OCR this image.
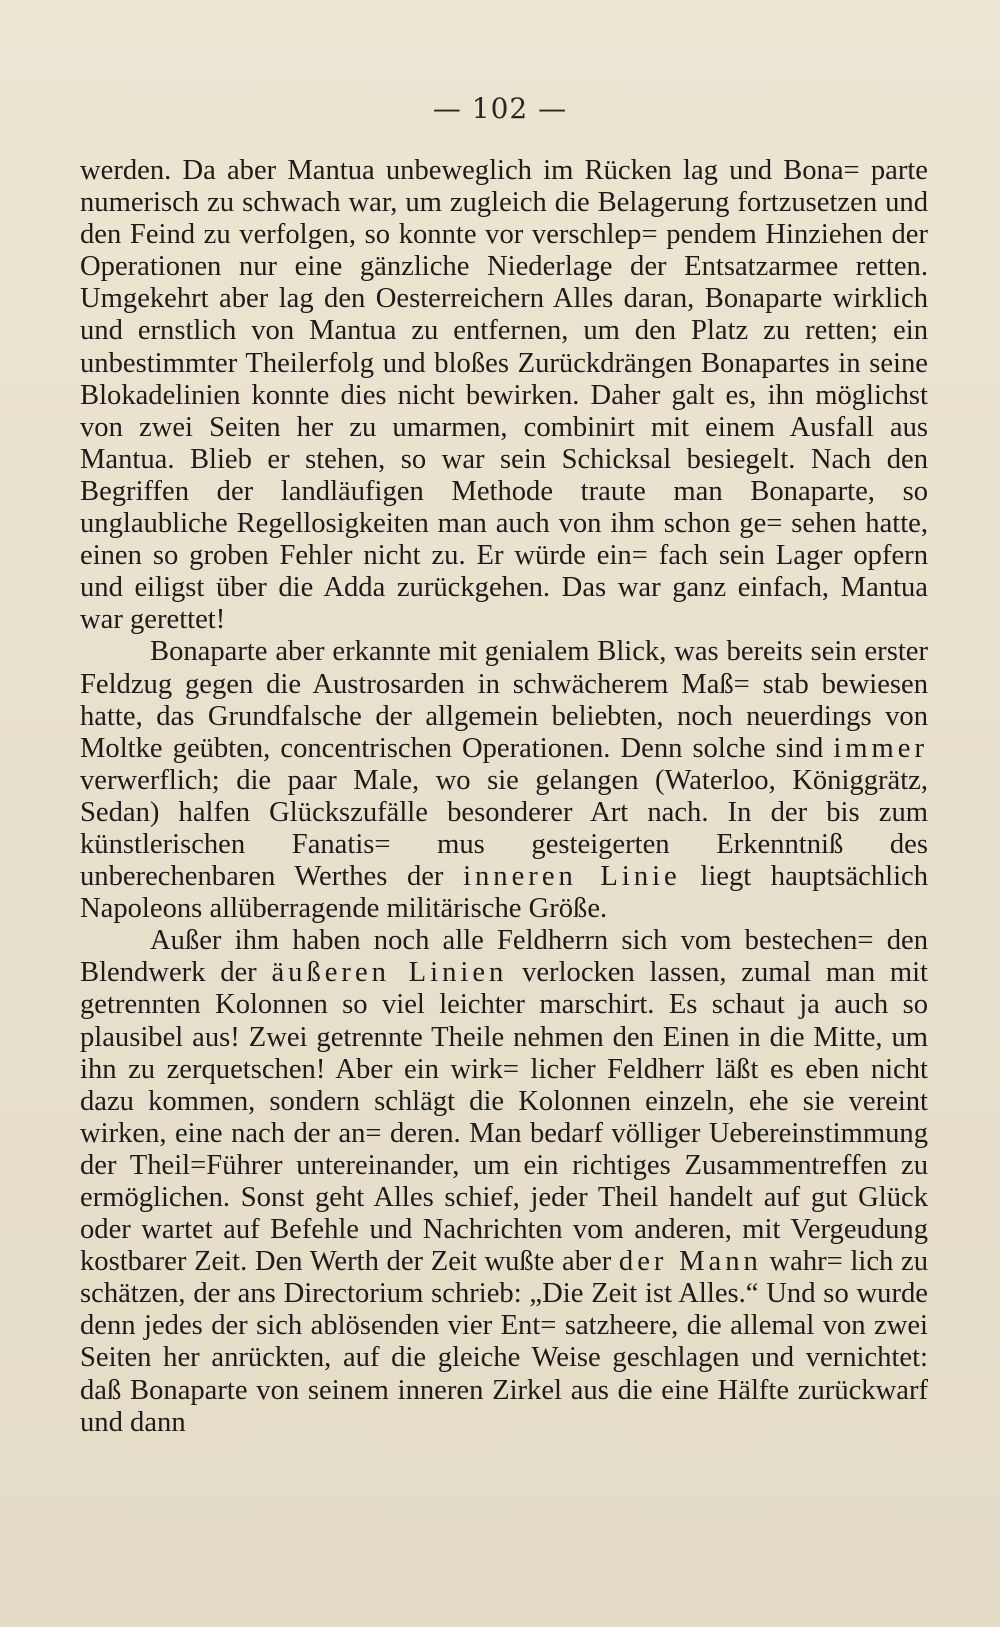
— 102 —

werden. Da aber Mantua unbeweglich im Rücken lag und Bona= parte numerisch zu schwach war, um zugleich die Belagerung fortzusetzen und den Feind zu verfolgen, so konnte vor verschlep= pendem Hinziehen der Operationen nur eine gänzliche Niederlage der Entsatzarmee retten. Umgekehrt aber lag den Oesterreichern Alles daran, Bonaparte wirklich und ernstlich von Mantua zu entfernen, um den Platz zu retten; ein unbestimmter Theilerfolg und bloßes Zurückdrängen Bonapartes in seine Blokadelinien konnte dies nicht bewirken. Daher galt es, ihn möglichst von zwei Seiten her zu umarmen, combinirt mit einem Ausfall aus Mantua. Blieb er stehen, so war sein Schicksal besiegelt. Nach den Begriffen der landläufigen Methode traute man Bonaparte, so unglaubliche Regellosigkeiten man auch von ihm schon ge= sehen hatte, einen so groben Fehler nicht zu. Er würde ein= fach sein Lager opfern und eiligst über die Adda zurückgehen. Das war ganz einfach, Mantua war gerettet!

Bonaparte aber erkannte mit genialem Blick, was bereits sein erster Feldzug gegen die Austrosarden in schwächerem Maß= stab bewiesen hatte, das Grundfalsche der allgemein beliebten, noch neuerdings von Moltke geübten, concentrischen Operationen. Denn solche sind immer verwerflich; die paar Male, wo sie gelangen (Waterloo, Königgrätz, Sedan) halfen Glückszufälle besonderer Art nach. In der bis zum künstlerischen Fanatis= mus gesteigerten Erkenntniß des unberechenbaren Werthes der inneren Linie liegt hauptsächlich Napoleons allüberragende militärische Größe.

Außer ihm haben noch alle Feldherrn sich vom bestechen= den Blendwerk der äußeren Linien verlocken lassen, zumal man mit getrennten Kolonnen so viel leichter marschirt. Es schaut ja auch so plausibel aus! Zwei getrennte Theile nehmen den Einen in die Mitte, um ihn zu zerquetschen! Aber ein wirk= licher Feldherr läßt es eben nicht dazu kommen, sondern schlägt die Kolonnen einzeln, ehe sie vereint wirken, eine nach der an= deren. Man bedarf völliger Uebereinstimmung der Theil=Führer untereinander, um ein richtiges Zusammentreffen zu ermöglichen. Sonst geht Alles schief, jeder Theil handelt auf gut Glück oder wartet auf Befehle und Nachrichten vom anderen, mit Vergeudung kostbarer Zeit. Den Werth der Zeit wußte aber der Mann wahr= lich zu schätzen, der ans Directorium schrieb: „Die Zeit ist Alles.“ Und so wurde denn jedes der sich ablösenden vier Ent= satzheere, die allemal von zwei Seiten her anrückten, auf die gleiche Weise geschlagen und vernichtet: daß Bonaparte von seinem inneren Zirkel aus die eine Hälfte zurückwarf und dann
